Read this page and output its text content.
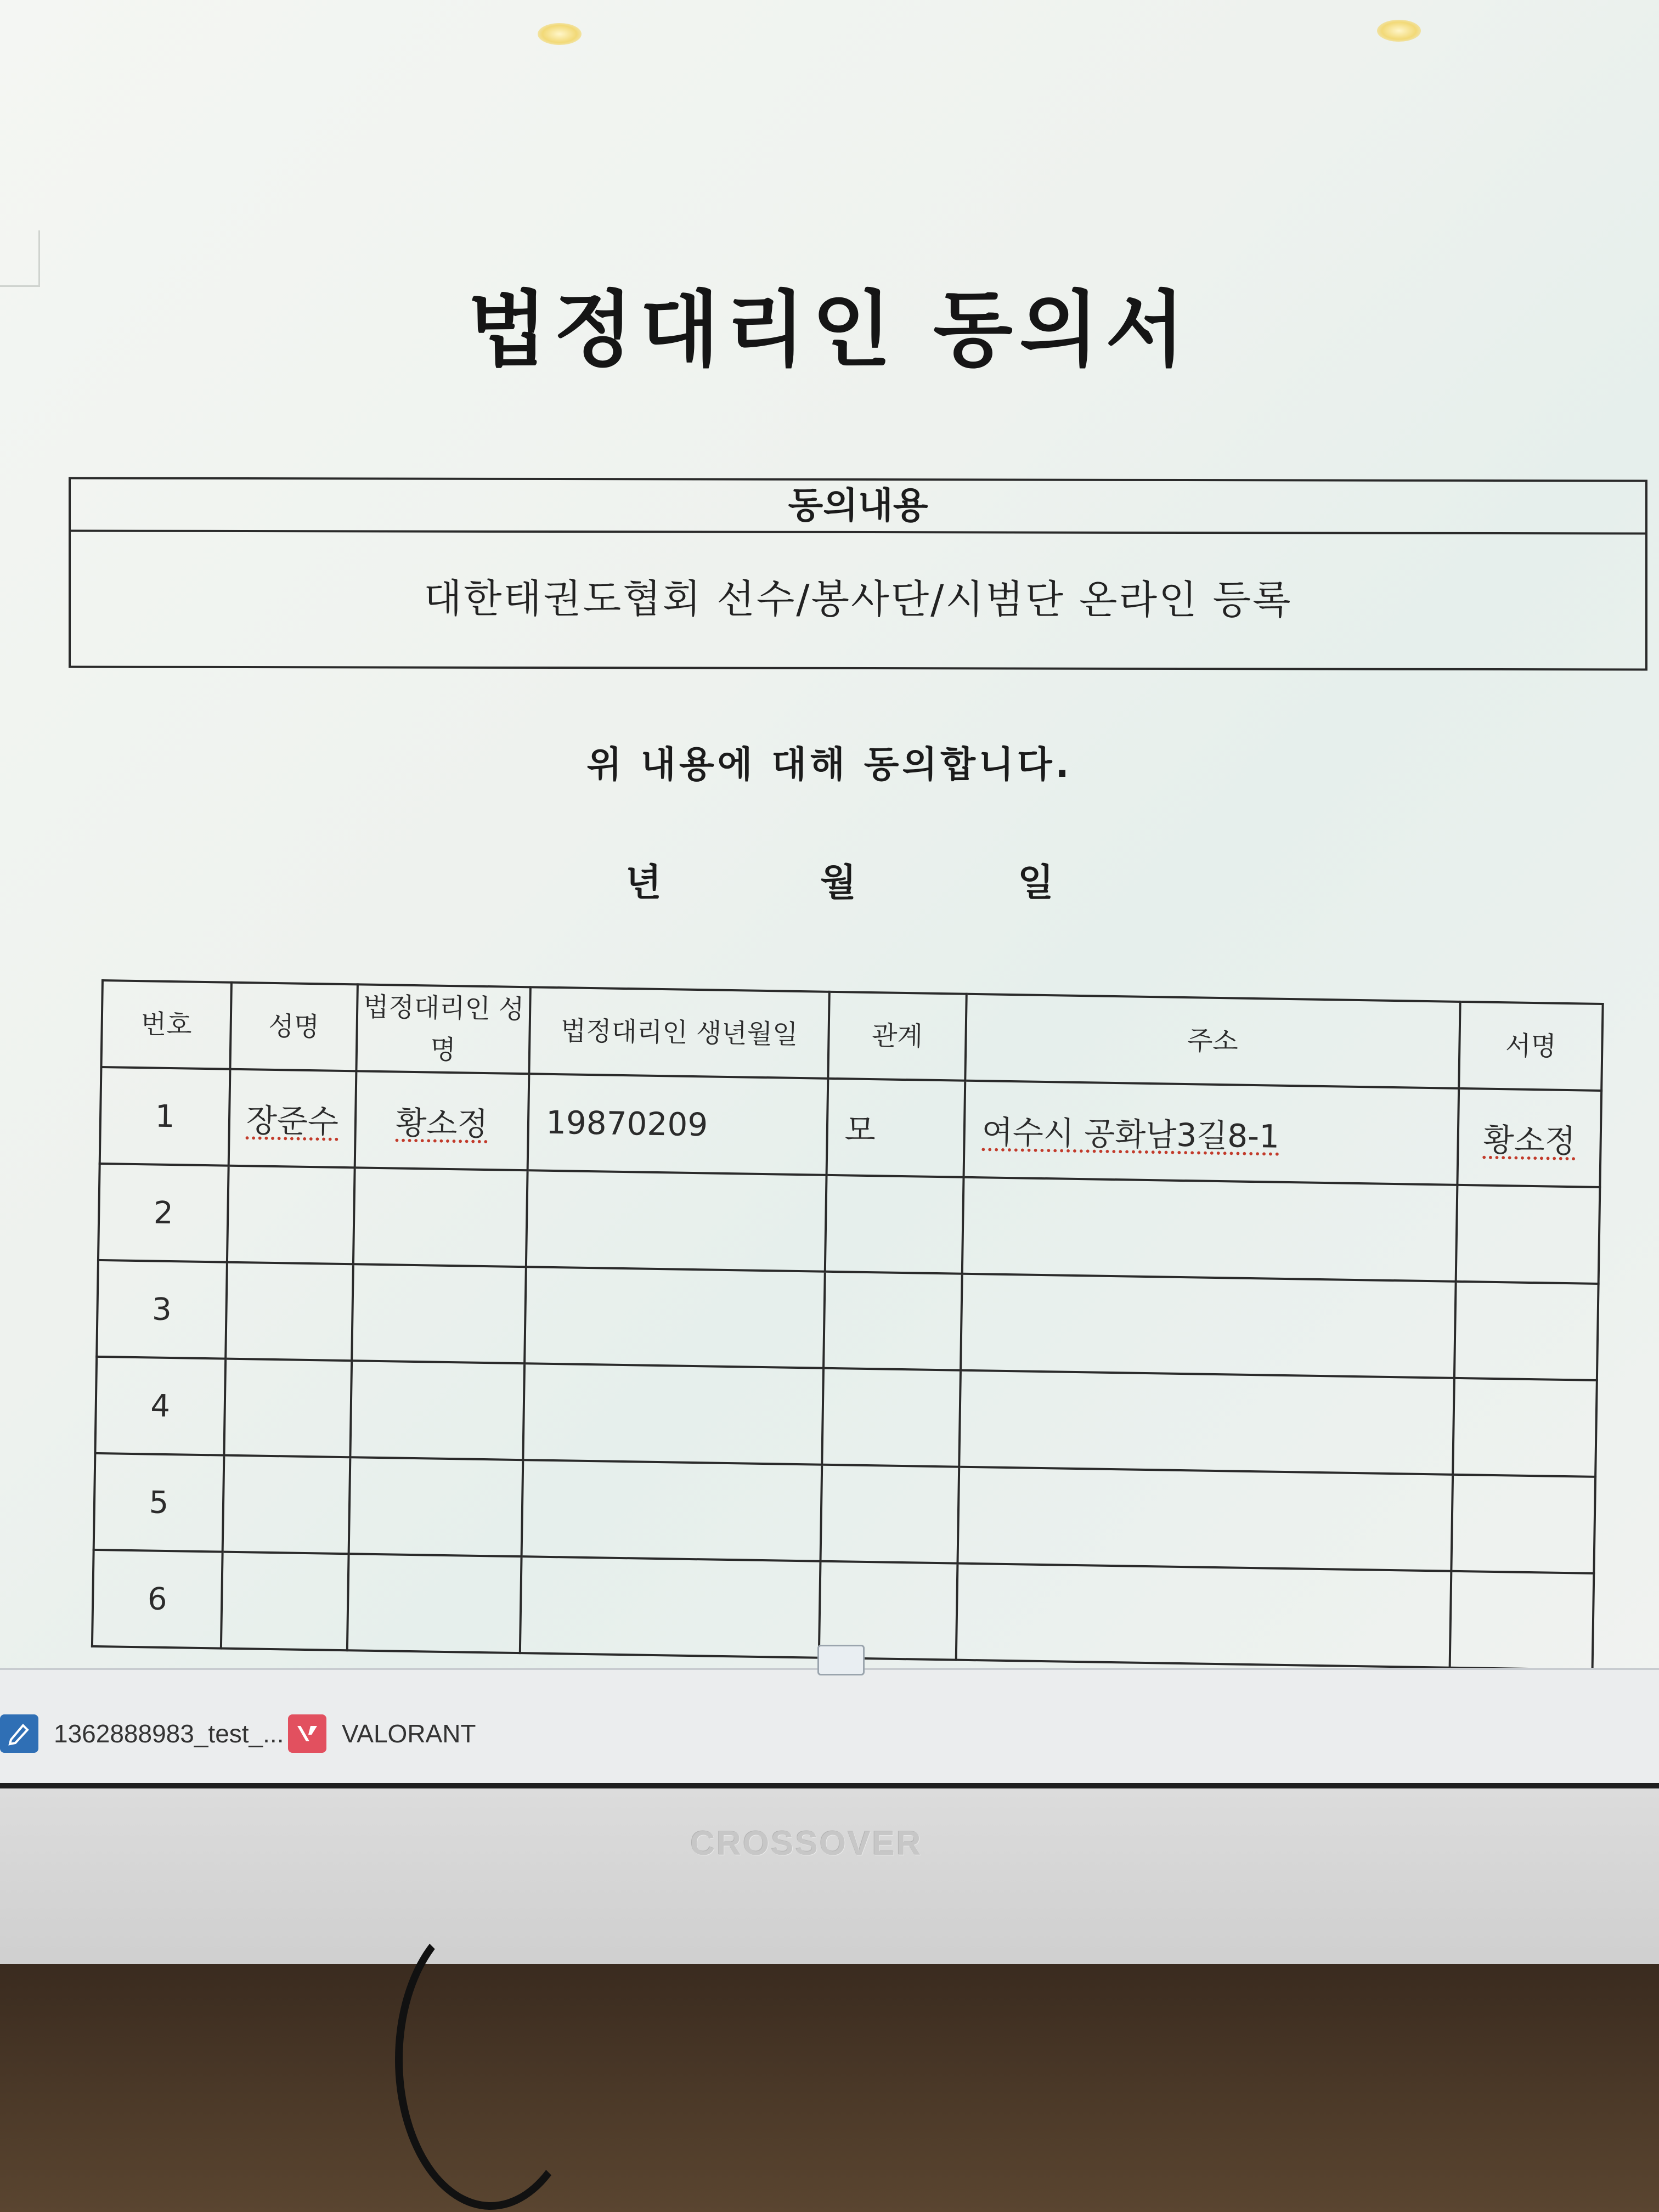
법정대리인 동의서
동의내용
대한태권도협회 선수/봉사단/시범단 온라인 등록
위 내용에 대해 동의합니다.
년	월	일
번호	성명	법정대리인 성명	법정대리인 생년월일	관계	주소	서명
1	장준수	황소정	19870209	모	여수시 공화남3길8-1	황소정
2						
3						
4						
5						
6						
1362888983_test_... VALORANT
CROSSOVER
